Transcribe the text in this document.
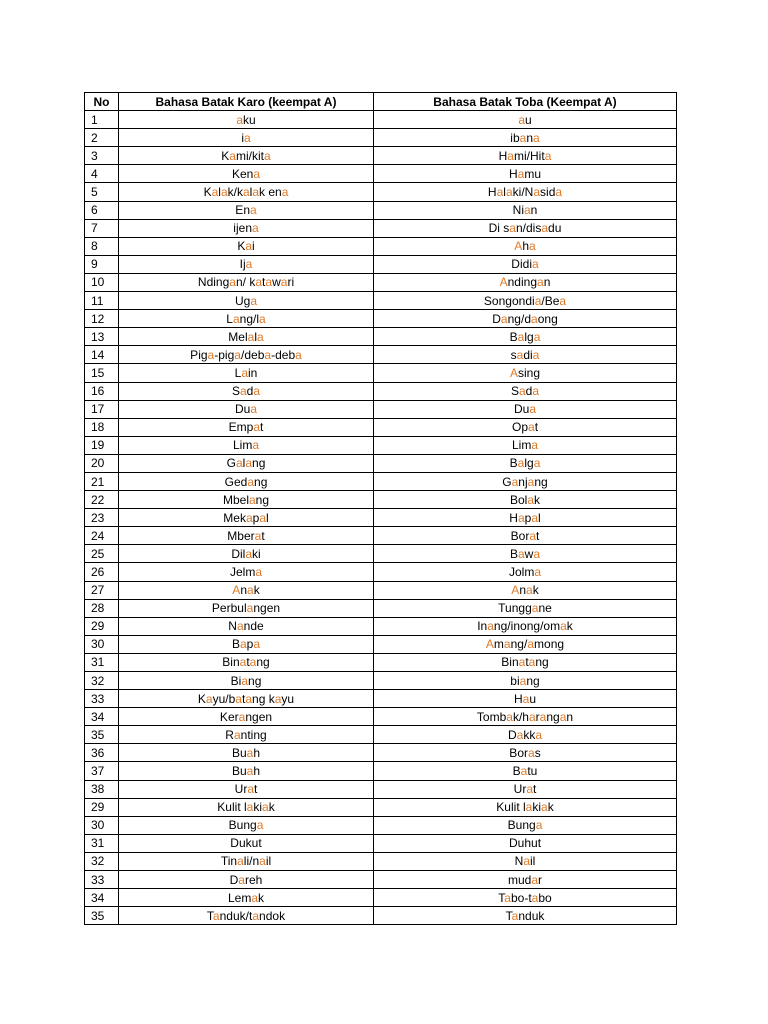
No	Bahasa Batak Karo (keempat A)	Bahasa Batak Toba (Keempat A)
1	aku	au
2	ia	ibana
3	Kami/kita	Hami/Hita
4	Kena	Hamu
5	Kalak/kalak ena	Halaki/Nasida
6	Ena	Nian
7	ijena	Di san/disadu
8	Kai	Aha
9	Ija	Didia
10	Ndingan/ katawari	Andingan
11	Uga	Songondia/Bea
12	Lang/la	Dang/daong
13	Melala	Balga
14	Piga-piga/deba-deba	sadia
15	Lain	Asing
16	Sada	Sada
17	Dua	Dua
18	Empat	Opat
19	Lima	Lima
20	Galang	Balga
21	Gedang	Ganjang
22	Mbelang	Bolak
23	Mekapal	Hapal
24	Mberat	Borat
25	Dilaki	Bawa
26	Jelma	Jolma
27	Anak	Anak
28	Perbulangen	Tunggane
29	Nande	Inang/inong/omak
30	Bapa	Amang/among
31	Binatang	Binatang
32	Biang	biang
33	Kayu/batang kayu	Hau
34	Kerangen	Tombak/harangan
35	Ranting	Dakka
36	Buah	Boras
37	Buah	Batu
38	Urat	Urat
29	Kulit lakiak	Kulit lakiak
30	Bunga	Bunga
31	Dukut	Duhut
32	Tinali/nail	Nail
33	Dareh	mudar
34	Lemak	Tabo-tabo
35	Tanduk/tandok	Tanduk
